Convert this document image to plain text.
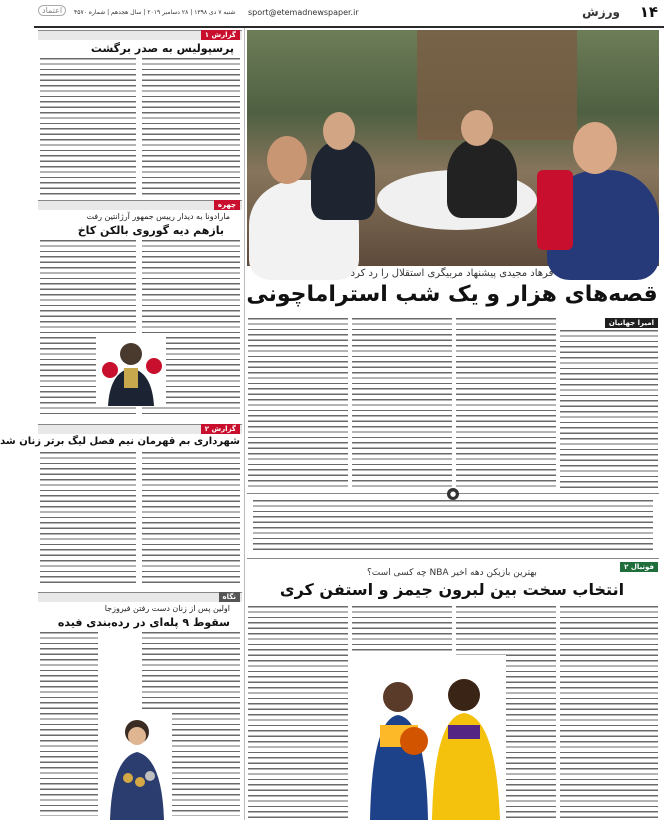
۱۴
ورزش
sport@etemadnewspaper.ir
شنبه ۷ دی ۱۳۹۸ | ۲۸ دسامبر ۲۰۱۹ | سال هجدهم | شماره ۴۵۷۰
اعتماد
گزارش ۱
پرسپولیس به صدر برگشت
چهره
مارادونا به دیدار رییس جمهور آرژانتین رفت
بازهم دیه گوروی بالکن کاخ
گزارش ۲
شهرداری بم قهرمان نیم فصل لیگ برتر زنان شد
نگاه
اولین پس از زنان دست رفتن فیروزجا
سقوط ۹ پله‌ای در رده‌بندی فیده
فرهاد مجیدی پیشنهاد مربیگری استقلال را رد کرد
قصه‌های هزار و یک شب استراماچونی
امیرا جهانیان
●
فوتبال ۲
بهترین بازیکن دهه اخیر NBA چه کسی است؟
انتخاب سخت بین لبرون جیمز و استفن کری
